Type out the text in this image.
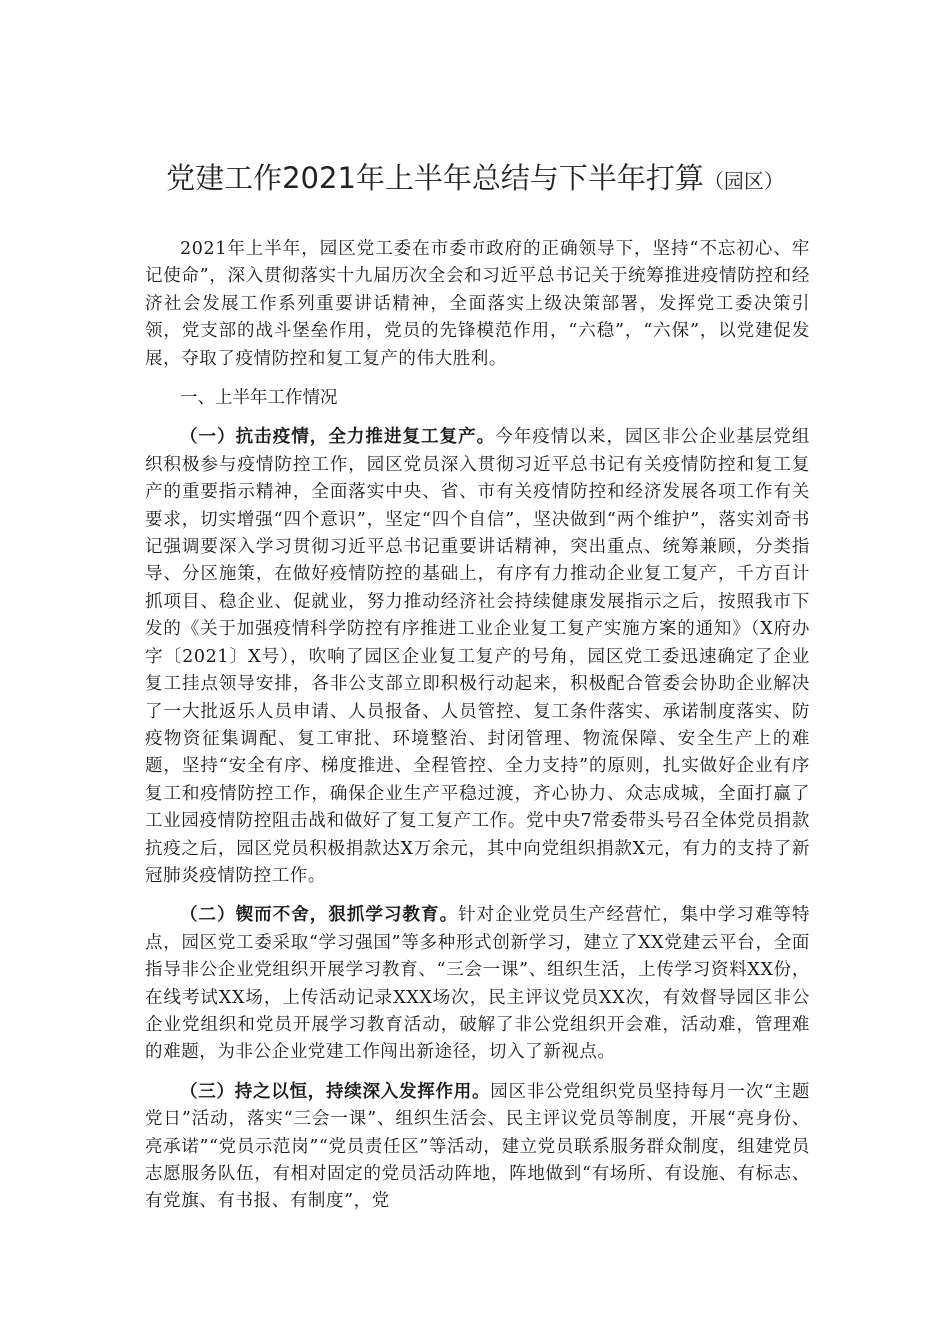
党建工作2021年上半年总结与下半年打算（园区）

2021年上半年，园区党工委在市委市政府的正确领导下，坚持“不忘初心、牢记使命”，深入贯彻落实十九届历次全会和习近平总书记关于统筹推进疫情防控和经济社会发展工作系列重要讲话精神，全面落实上级决策部署，发挥党工委决策引领，党支部的战斗堡垒作用，党员的先锋模范作用，“六稳”，“六保”，以党建促发展，夺取了疫情防控和复工复产的伟大胜利。

一、上半年工作情况

（一）抗击疫情，全力推进复工复产。今年疫情以来，园区非公企业基层党组织积极参与疫情防控工作，园区党员深入贯彻习近平总书记有关疫情防控和复工复产的重要指示精神，全面落实中央、省、市有关疫情防控和经济发展各项工作有关要求，切实增强“四个意识”，坚定“四个自信”，坚决做到“两个维护”，落实刘奇书记强调要深入学习贯彻习近平总书记重要讲话精神，突出重点、统筹兼顾，分类指导、分区施策，在做好疫情防控的基础上，有序有力推动企业复工复产，千方百计抓项目、稳企业、促就业，努力推动经济社会持续健康发展指示之后，按照我市下发的《关于加强疫情科学防控有序推进工业企业复工复产实施方案的通知》（X府办字〔2021〕X号），吹响了园区企业复工复产的号角，园区党工委迅速确定了企业复工挂点领导安排，各非公支部立即积极行动起来，积极配合管委会协助企业解决了一大批返乐人员申请、人员报备、人员管控、复工条件落实、承诺制度落实、防疫物资征集调配、复工审批、环境整治、封闭管理、物流保障、安全生产上的难题，坚持“安全有序、梯度推进、全程管控、全力支持”的原则，扎实做好企业有序复工和疫情防控工作，确保企业生产平稳过渡，齐心协力、众志成城，全面打赢了工业园疫情防控阻击战和做好了复工复产工作。党中央7常委带头号召全体党员捐款抗疫之后，园区党员积极捐款达X万余元，其中向党组织捐款X元，有力的支持了新冠肺炎疫情防控工作。

（二）锲而不舍，狠抓学习教育。针对企业党员生产经营忙，集中学习难等特点，园区党工委采取“学习强国”等多种形式创新学习，建立了XX党建云平台，全面指导非公企业党组织开展学习教育、“三会一课”、组织生活，上传学习资料XX份，在线考试XX场，上传活动记录XXX场次，民主评议党员XX次，有效督导园区非公企业党组织和党员开展学习教育活动，破解了非公党组织开会难，活动难，管理难的难题，为非公企业党建工作闯出新途径，切入了新视点。

（三）持之以恒，持续深入发挥作用。园区非公党组织党员坚持每月一次“主题党日”活动，落实“三会一课”、组织生活会、民主评议党员等制度，开展“亮身份、亮承诺”“党员示范岗”“党员责任区”等活动，建立党员联系服务群众制度，组建党员志愿服务队伍，有相对固定的党员活动阵地，阵地做到“有场所、有设施、有标志、有党旗、有书报、有制度”，党
